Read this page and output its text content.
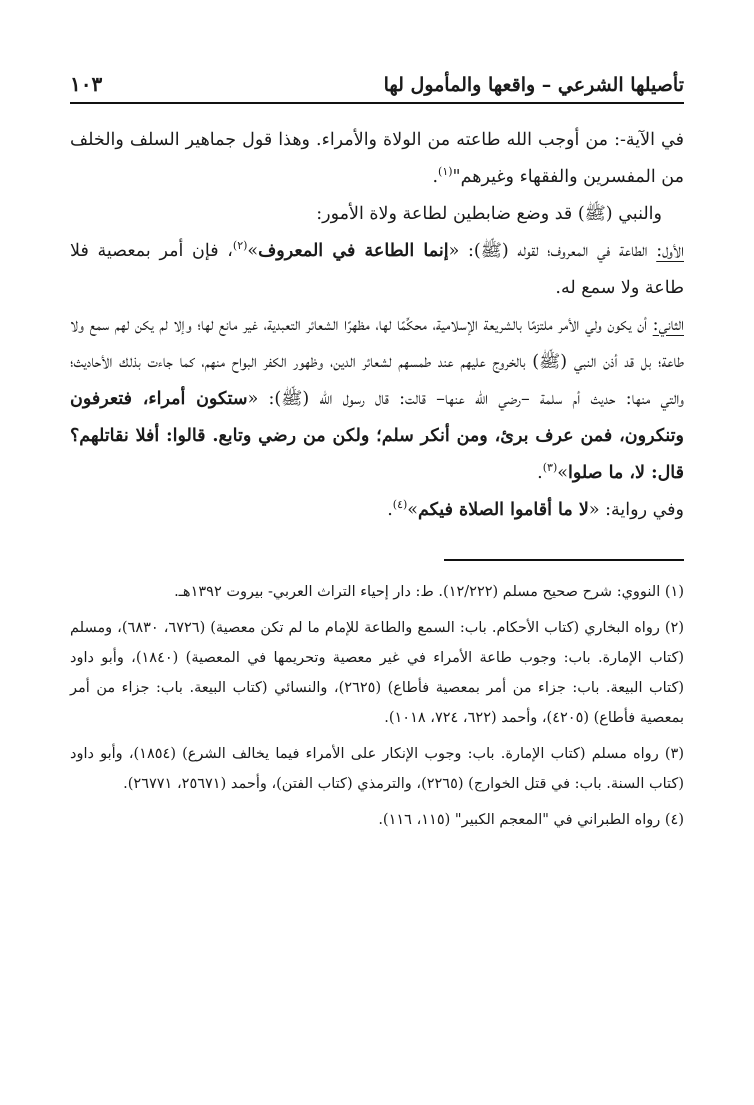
تأصيلها الشرعي – واقعها والمأمول لها
١٠٣

في الآية-: من أوجب الله طاعته من الولاة والأمراء. وهذا قول جماهير السلف والخلف من المفسرين والفقهاء وغيرهم"$^{(١)}$.

والنبي (ﷺ) قد وضع ضابطين لطاعة ولاة الأمور:

الأول: الطاعة في المعروف؛ لقوله (ﷺ): «إنما الطاعة في المعروف»$^{(٢)}$، فإن أمر بمعصية فلا طاعة ولا سمع له.

الثاني: أن يكون ولي الأمر ملتزمًا بالشريعة الإسلامية، محكِّمًا لها، مظهرًا الشعائر التعبدية، غير مانع لها؛ وإلا لم يكن لهم سمع ولا طاعة؛ بل قد أذن النبي (ﷺ) بالخروج عليهم عند طمسهم لشعائر الدين، وظهور الكفر البواح منهم، كما جاءت بذلك الأحاديث؛ والتي منها: حديث أم سلمة –رضي الله عنها– قالت: قال رسول الله (ﷺ): «ستكون أمراء، فتعرفون وتنكرون، فمن عرف برئ، ومن أنكر سلم؛ ولكن من رضي وتابع. قالوا: أفلا نقاتلهم؟ قال: لا، ما صلوا»$^{(٣)}$.

وفي رواية: «لا ما أقاموا الصلاة فيكم»$^{(٤)}$.

(١) النووي: شرح صحيح مسلم (١٢/٢٢٢). ط: دار إحياء التراث العربي- بيروت ١٣٩٢هـ.

(٢) رواه البخاري (كتاب الأحكام. باب: السمع والطاعة للإمام ما لم تكن معصية) (٦٧٢٦، ٦٨٣٠)، ومسلم (كتاب الإمارة. باب: وجوب طاعة الأمراء في غير معصية وتحريمها في المعصية) (١٨٤٠)، وأبو داود (كتاب البيعة. باب: جزاء من أمر بمعصية فأطاع) (٢٦٢٥)، والنسائي (كتاب البيعة. باب: جزاء من أمر بمعصية فأطاع) (٤٢٠٥)، وأحمد (٦٢٢، ٧٢٤، ١٠١٨).

(٣) رواه مسلم (كتاب الإمارة. باب: وجوب الإنكار على الأمراء فيما يخالف الشرع) (١٨٥٤)، وأبو داود (كتاب السنة. باب: في قتل الخوارج) (٢٢٦٥)، والترمذي (كتاب الفتن)، وأحمد (٢٥٦٧١، ٢٦٧٧١).

(٤) رواه الطبراني في "المعجم الكبير" (١١٥، ١١٦).
